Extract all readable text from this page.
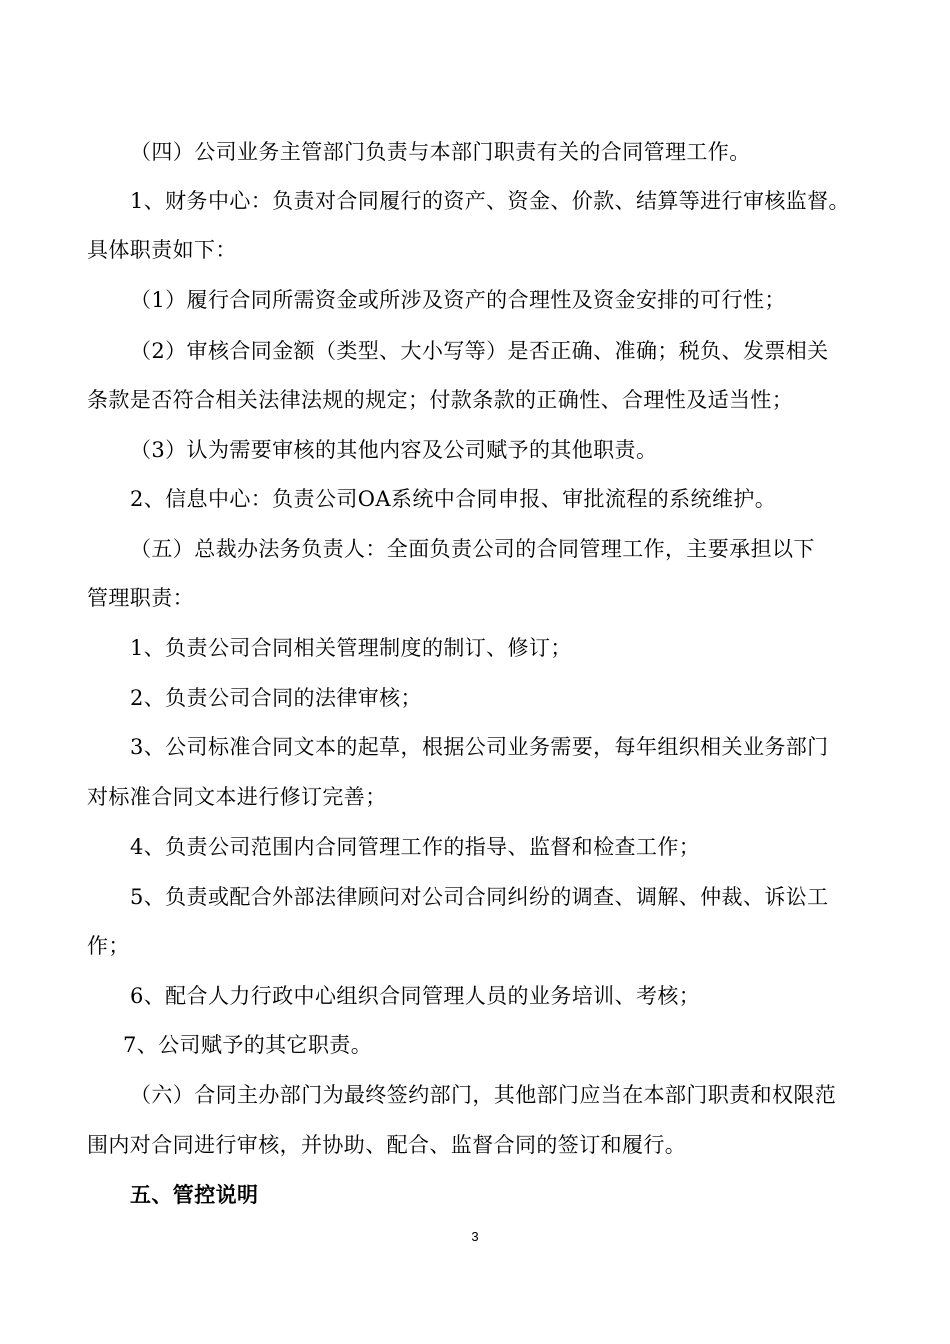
（四）公司业务主管部门负责与本部门职责有关的合同管理工作。
1、财务中心：负责对合同履行的资产、资金、价款、结算等进行审核监督。
具体职责如下：
（1）履行合同所需资金或所涉及资产的合理性及资金安排的可行性；
（2）审核合同金额（类型、大小写等）是否正确、准确；税负、发票相关
条款是否符合相关法律法规的规定；付款条款的正确性、合理性及适当性；
（3）认为需要审核的其他内容及公司赋予的其他职责。
2、信息中心：负责公司OA系统中合同申报、审批流程的系统维护。
（五）总裁办法务负责人：全面负责公司的合同管理工作，主要承担以下
管理职责：
1、负责公司合同相关管理制度的制订、修订；
2、负责公司合同的法律审核；
3、公司标准合同文本的起草，根据公司业务需要，每年组织相关业务部门
对标准合同文本进行修订完善；
4、负责公司范围内合同管理工作的指导、监督和检查工作；
5、负责或配合外部法律顾问对公司合同纠纷的调查、调解、仲裁、诉讼工
作；
6、配合人力行政中心组织合同管理人员的业务培训、考核；
7、公司赋予的其它职责。
（六）合同主办部门为最终签约部门，其他部门应当在本部门职责和权限范
围内对合同进行审核，并协助、配合、监督合同的签订和履行。
五、管控说明
3
